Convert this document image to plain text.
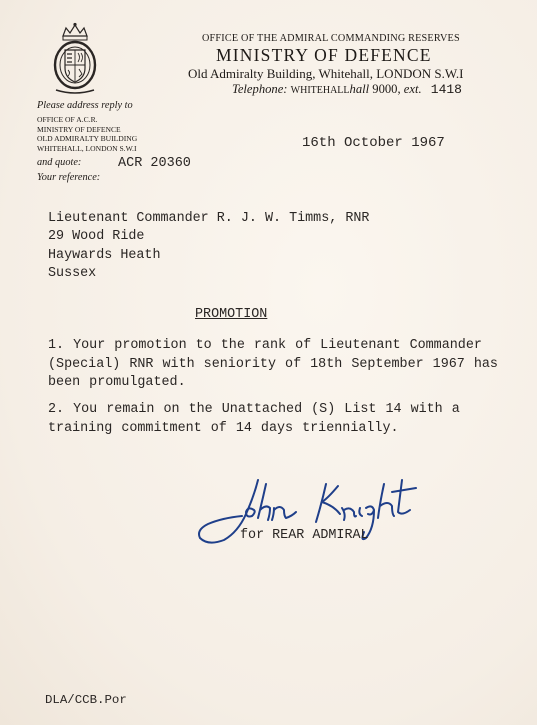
OFFICE OF THE ADMIRAL COMMANDING RESERVES
MINISTRY OF DEFENCE
Old Admiralty Building, Whitehall, LONDON S.W.I
Telephone: WHITEHALLhall 9000, ext. 1418
Please address reply to
OFFICE OF A.C.R.
MINISTRY OF DEFENCE
OLD ADMIRALTY BUILDING
WHITEHALL, LONDON S.W.I
and quote:	ACR 20360
Your reference:
16th October 1967
Lieutenant Commander R. J. W. Timms, RNR
29 Wood Ride
Haywards Heath
Sussex
PROMOTION
1. Your promotion to the rank of Lieutenant Commander (Special) RNR with seniority of 18th September 1967 has been promulgated.
2. You remain on the Unattached (S) List 14 with a training commitment of 14 days triennially.
for REAR ADMIRAL
DLA/CCB.Por
